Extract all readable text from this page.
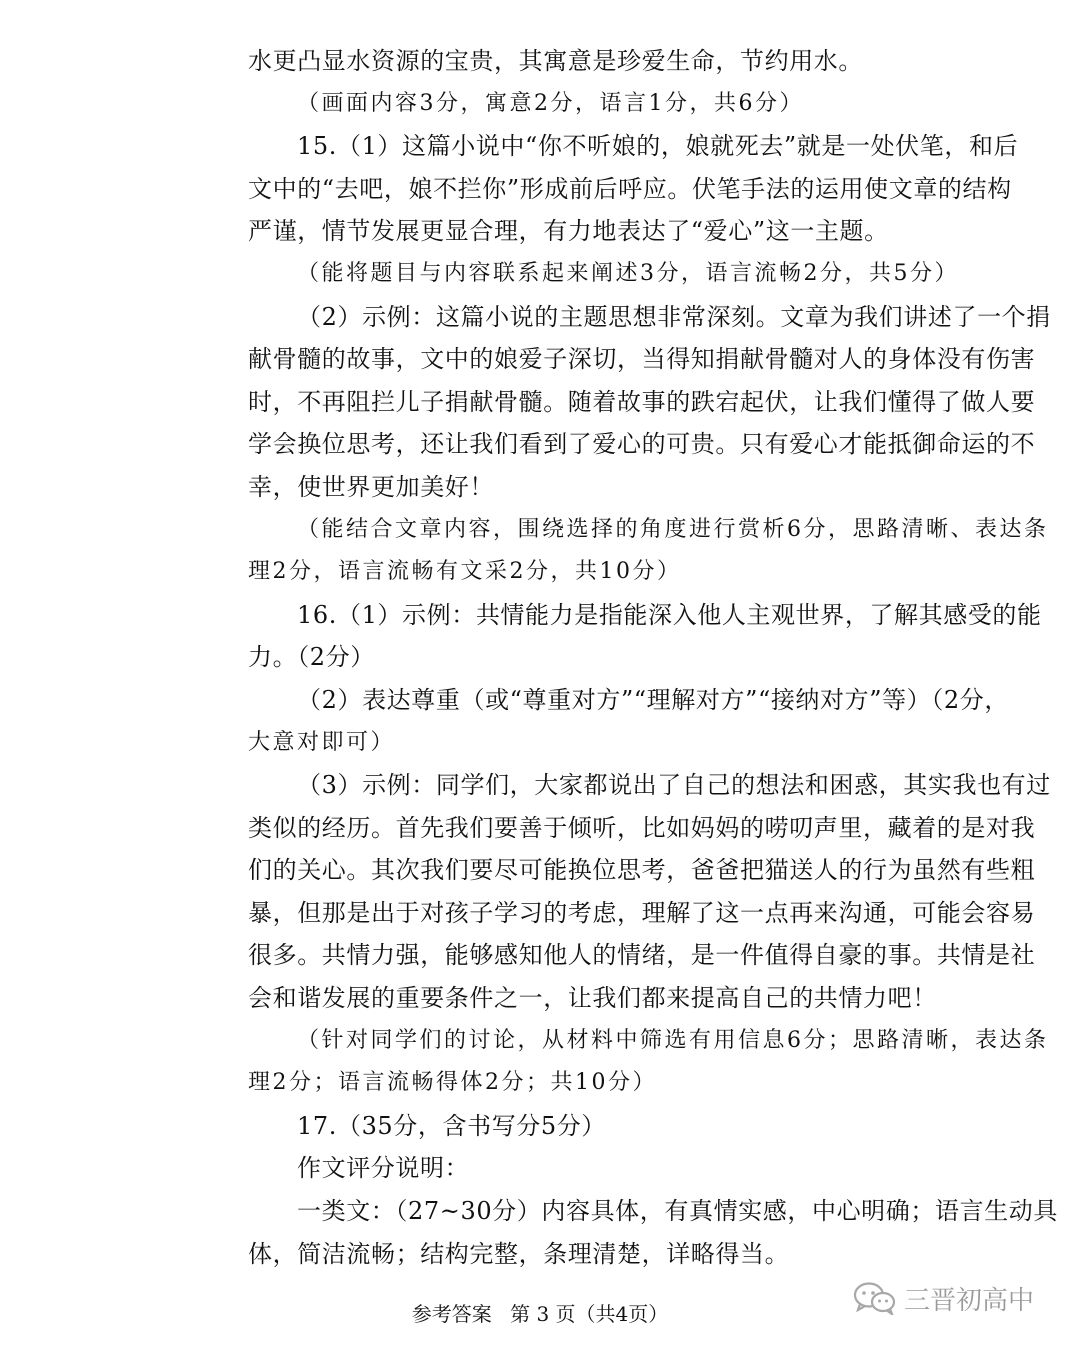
水更凸显水资源的宝贵，其寓意是珍爱生命，节约用水。
（画面内容3分，寓意2分，语言1分，共6分）
15.（1）这篇小说中“你不听娘的，娘就死去”就是一处伏笔，和后
文中的“去吧，娘不拦你”形成前后呼应。伏笔手法的运用使文章的结构
严谨，情节发展更显合理，有力地表达了“爱心”这一主题。
（能将题目与内容联系起来阐述3分，语言流畅2分，共5分）
（2）示例：这篇小说的主题思想非常深刻。文章为我们讲述了一个捐
献骨髓的故事，文中的娘爱子深切，当得知捐献骨髓对人的身体没有伤害
时，不再阻拦儿子捐献骨髓。随着故事的跌宕起伏，让我们懂得了做人要
学会换位思考，还让我们看到了爱心的可贵。只有爱心才能抵御命运的不
幸，使世界更加美好！
（能结合文章内容，围绕选择的角度进行赏析6分，思路清晰、表达条
理2分，语言流畅有文采2分，共10分）
16.（1）示例：共情能力是指能深入他人主观世界，了解其感受的能
力。（2分）
（2）表达尊重（或“尊重对方”“理解对方”“接纳对方”等）（2分，
大意对即可）
（3）示例：同学们，大家都说出了自己的想法和困惑，其实我也有过
类似的经历。首先我们要善于倾听，比如妈妈的唠叨声里，藏着的是对我
们的关心。其次我们要尽可能换位思考，爸爸把猫送人的行为虽然有些粗
暴，但那是出于对孩子学习的考虑，理解了这一点再来沟通，可能会容易
很多。共情力强，能够感知他人的情绪，是一件值得自豪的事。共情是社
会和谐发展的重要条件之一，让我们都来提高自己的共情力吧！
（针对同学们的讨论，从材料中筛选有用信息6分；思路清晰，表达条
理2分；语言流畅得体2分；共10分）
17.（35分，含书写分5分）
作文评分说明：
一类文：（27~30分）内容具体，有真情实感，中心明确；语言生动具
体，简洁流畅；结构完整，条理清楚，详略得当。
参考答案 第 3 页（共4页）	三晋初高中
